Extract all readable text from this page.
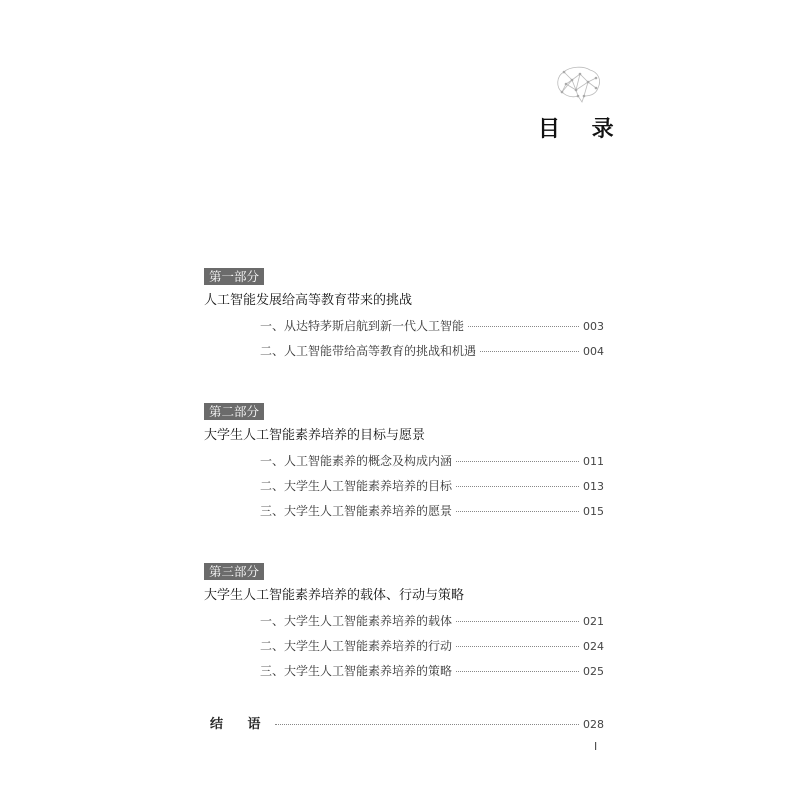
目 录
第一部分
人工智能发展给高等教育带来的挑战
一、从达特茅斯启航到新一代人工智能	003
二、人工智能带给高等教育的挑战和机遇	004
第二部分
大学生人工智能素养培养的目标与愿景
一、人工智能素养的概念及构成内涵	011
二、大学生人工智能素养培养的目标	013
三、大学生人工智能素养培养的愿景	015
第三部分
大学生人工智能素养培养的载体、行动与策略
一、大学生人工智能素养培养的载体	021
二、大学生人工智能素养培养的行动	024
三、大学生人工智能素养培养的策略	025
结 语	028
I
